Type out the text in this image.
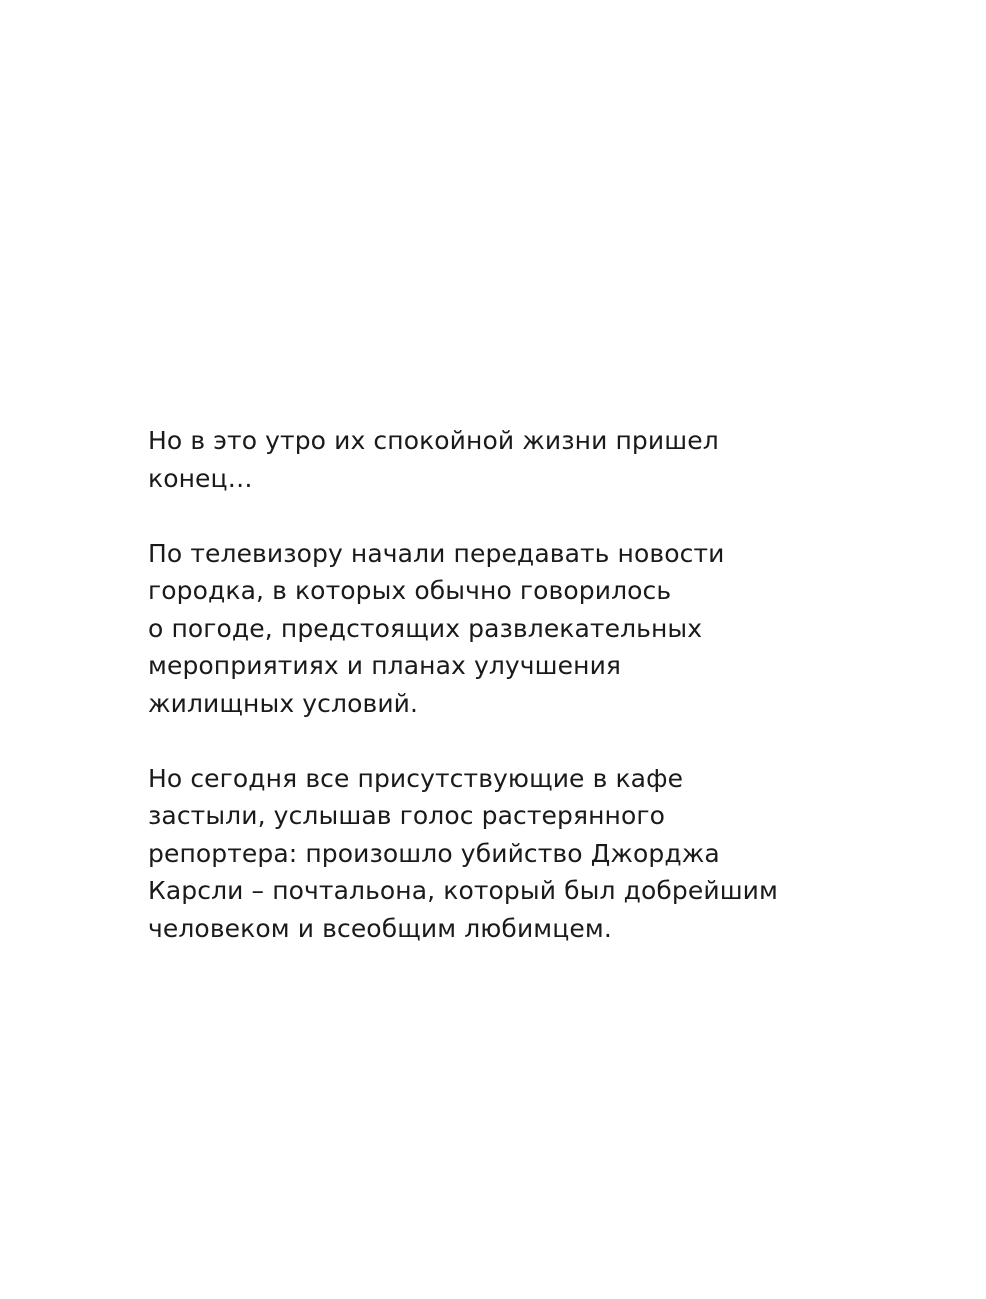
Но в это утро их спокойной жизни пришел
конец…

По телевизору начали передавать новости
городка, в которых обычно говорилось
о погоде, предстоящих развлекательных
мероприятиях и планах улучшения
жилищных условий.

Но сегодня все присутствующие в кафе
застыли, услышав голос растерянного
репортера: произошло убийство Джорджа
Карсли – почтальона, который был добрейшим
человеком и всеобщим любимцем.
